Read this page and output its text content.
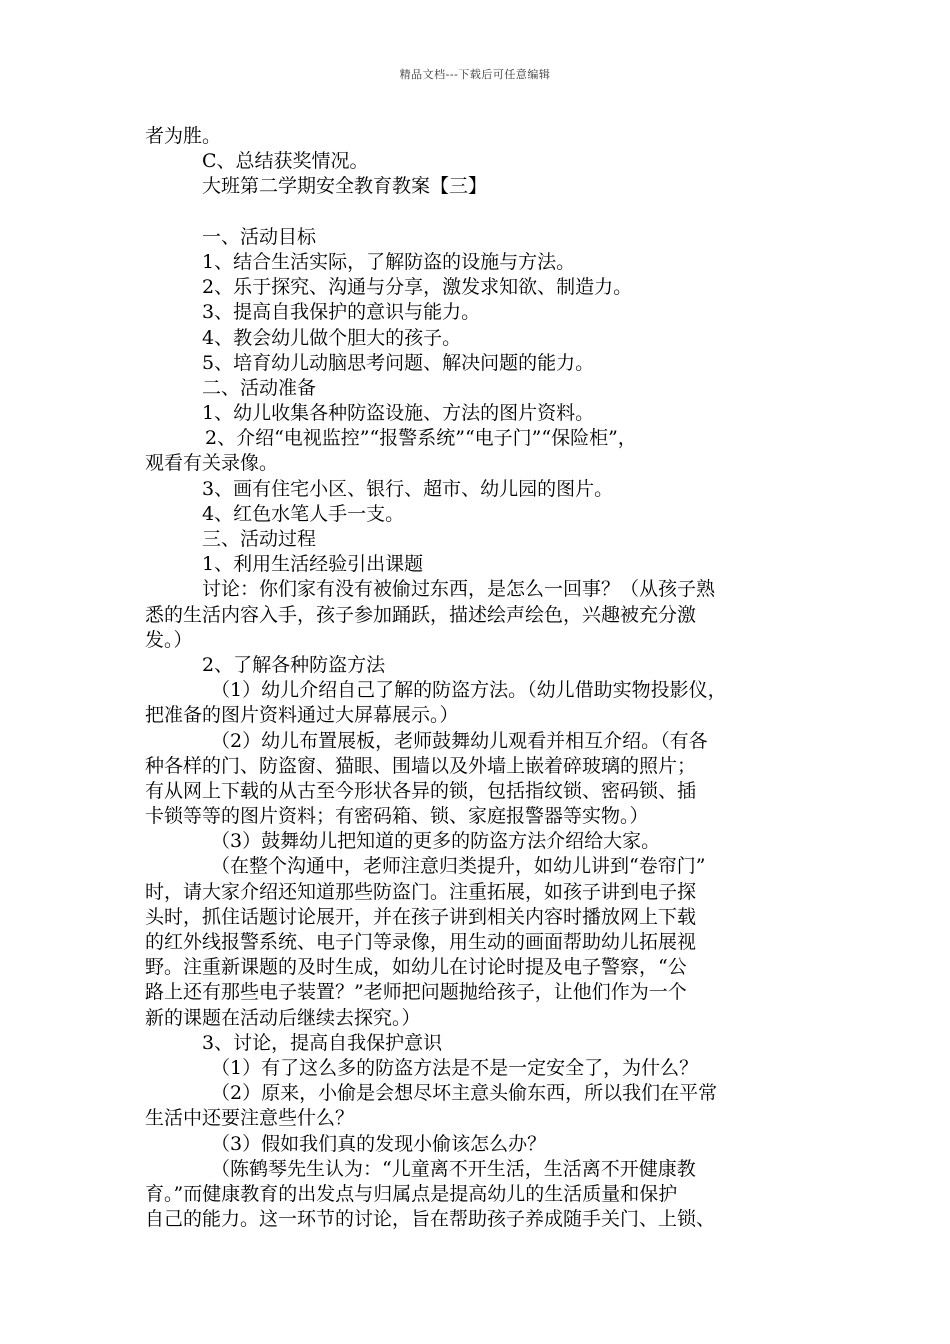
精品文档---下载后可任意编辑
者为胜。
C、总结获奖情况。
大班第二学期安全教育教案【三】
一、活动目标
1、结合生活实际，了解防盗的设施与方法。
2、乐于探究、沟通与分享，激发求知欲、制造力。
3、提高自我保护的意识与能力。
4、教会幼儿做个胆大的孩子。
5、培育幼儿动脑思考问题、解决问题的能力。
二、活动准备
1、幼儿收集各种防盗设施、方法的图片资料。
2、介绍“电视监控”“报警系统”“电子门”“保险柜”，
观看有关录像。
3、画有住宅小区、银行、超市、幼儿园的图片。
4、红色水笔人手一支。
三、活动过程
1、利用生活经验引出课题
讨论：你们家有没有被偷过东西，是怎么一回事？（从孩子熟
悉的生活内容入手，孩子参加踊跃，描述绘声绘色，兴趣被充分激
发。）
2、了解各种防盗方法
（1）幼儿介绍自己了解的防盗方法。（幼儿借助实物投影仪，
把准备的图片资料通过大屏幕展示。）
（2）幼儿布置展板，老师鼓舞幼儿观看并相互介绍。（有各
种各样的门、防盗窗、猫眼、围墙以及外墙上嵌着碎玻璃的照片；
有从网上下载的从古至今形状各异的锁，包括指纹锁、密码锁、插
卡锁等等的图片资料；有密码箱、锁、家庭报警器等实物。）
（3）鼓舞幼儿把知道的更多的防盗方法介绍给大家。
（在整个沟通中，老师注意归类提升，如幼儿讲到“卷帘门”
时，请大家介绍还知道那些防盗门。注重拓展，如孩子讲到电子探
头时，抓住话题讨论展开，并在孩子讲到相关内容时播放网上下载
的红外线报警系统、电子门等录像，用生动的画面帮助幼儿拓展视
野。注重新课题的及时生成，如幼儿在讨论时提及电子警察，“公
路上还有那些电子装置？”老师把问题抛给孩子，让他们作为一个
新的课题在活动后继续去探究。）
3、讨论，提高自我保护意识
（1）有了这么多的防盗方法是不是一定安全了，为什么？
（2）原来，小偷是会想尽坏主意头偷东西，所以我们在平常
生活中还要注意些什么？
（3）假如我们真的发现小偷该怎么办？
（陈鹤琴先生认为：“儿童离不开生活，生活离不开健康教
育。”而健康教育的出发点与归属点是提高幼儿的生活质量和保护
自己的能力。这一环节的讨论，旨在帮助孩子养成随手关门、上锁、
